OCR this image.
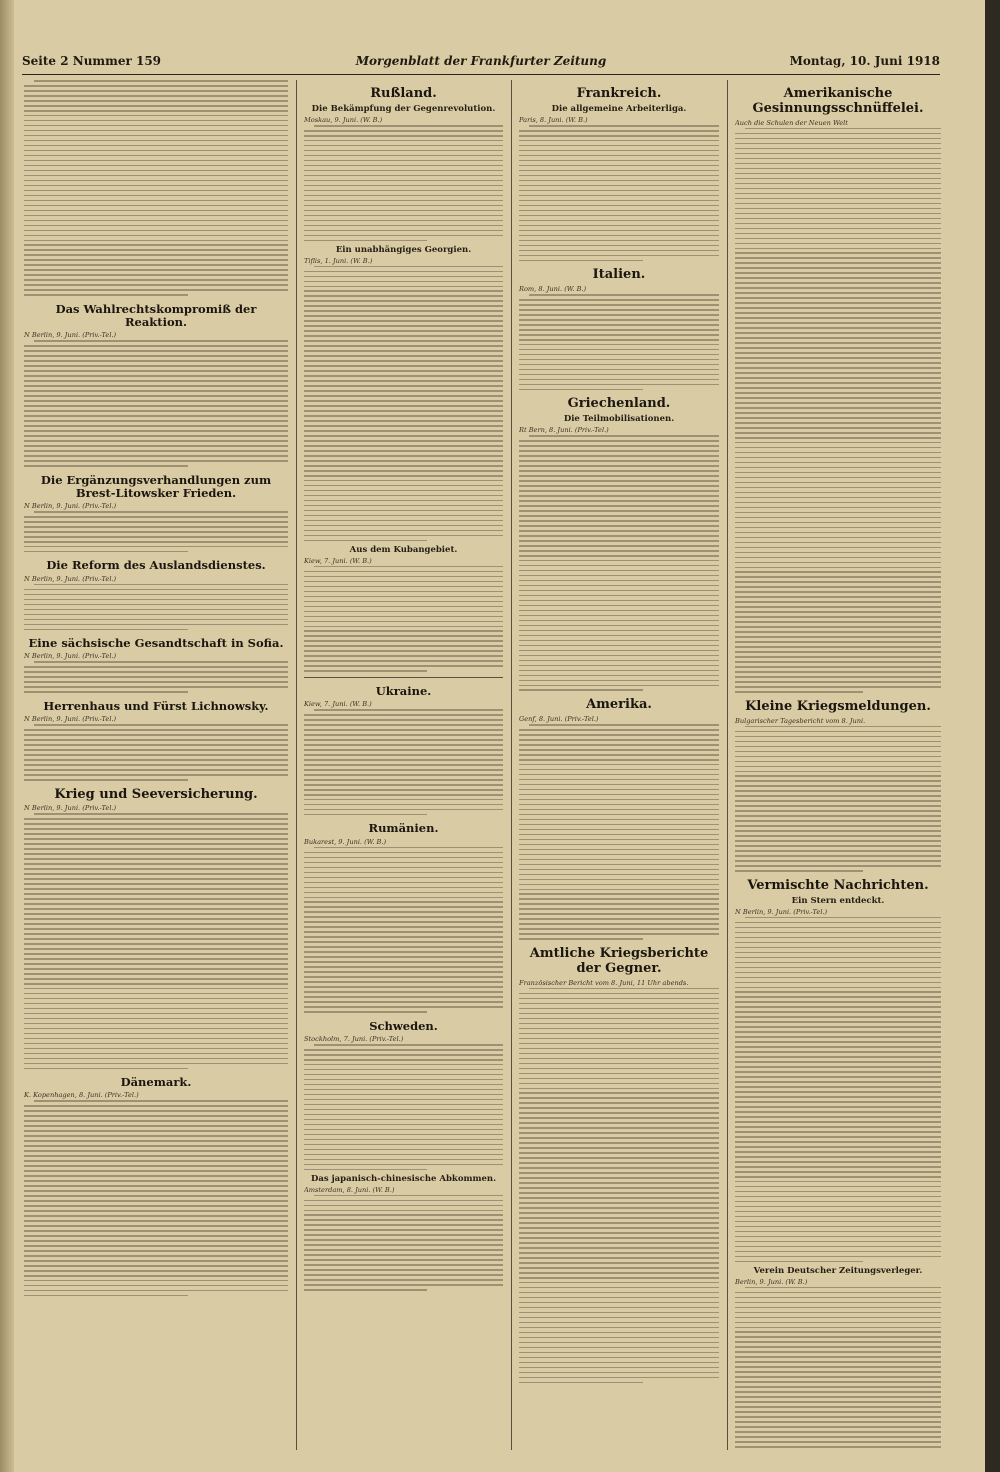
Morgenblatt der Frankfurter Zeitung
Seite 2 Nummer 159	Montag, 10. Juni 1918
Das Wahlrechtskompromiß der Reaktion.
N Berlin, 9. Juni. (Priv.-Tel.)
Die Ergänzungsverhandlungen zum Brest-Litowsker Frieden.
N Berlin, 9. Juni. (Priv.-Tel.)
Die Reform des Auslandsdienstes.
N Berlin, 9. Juni. (Priv.-Tel.)
Eine sächsische Gesandtschaft in Sofia.
N Berlin, 9. Juni. (Priv.-Tel.)
Herrenhaus und Fürst Lichnowsky.
N Berlin, 9. Juni. (Priv.-Tel.)
Krieg und Seeversicherung.
N Berlin, 9. Juni. (Priv.-Tel.)
Dänemark.
K. Kopenhagen, 8. Juni. (Priv.-Tel.)
Rußland.
Die Bekämpfung der Gegenrevolution.
Moskau, 9. Juni. (W. B.)
Ein unabhängiges Georgien.
Tiflis, 1. Juni. (W. B.)
Aus dem Kubangebiet.
Kiew, 7. Juni. (W. B.)
Ukraine.
Kiew, 7. Juni. (W. B.)
Rumänien.
Bukarest, 9. Juni. (W. B.)
Schweden.
Stockholm, 7. Juni. (Priv.-Tel.)
Das japanisch-chinesische Abkommen.
Amsterdam, 8. Juni. (W. B.)
Frankreich.
Die allgemeine Arbeiterliga.
Paris, 8. Juni. (W. B.)
Italien.
Rom, 8. Juni. (W. B.)
Griechenland.
Die Teilmobilisationen.
Rt Bern, 8. Juni. (Priv.-Tel.)
Amerika.
Genf, 8. Juni. (Priv.-Tel.)
Amtliche Kriegsberichte der Gegner.
Französischer Bericht vom 8. Juni, 11 Uhr abends.
Amerikanische Gesinnungsschnüffelei.
Auch die Schulen der Neuen Welt
Kleine Kriegsmeldungen.
Bulgarischer Tagesbericht vom 8. Juni.
Vermischte Nachrichten.
Ein Stern entdeckt.
N Berlin, 9. Juni. (Priv.-Tel.)
Verein Deutscher Zeitungsverleger.
Berlin, 9. Juni. (W. B.)
